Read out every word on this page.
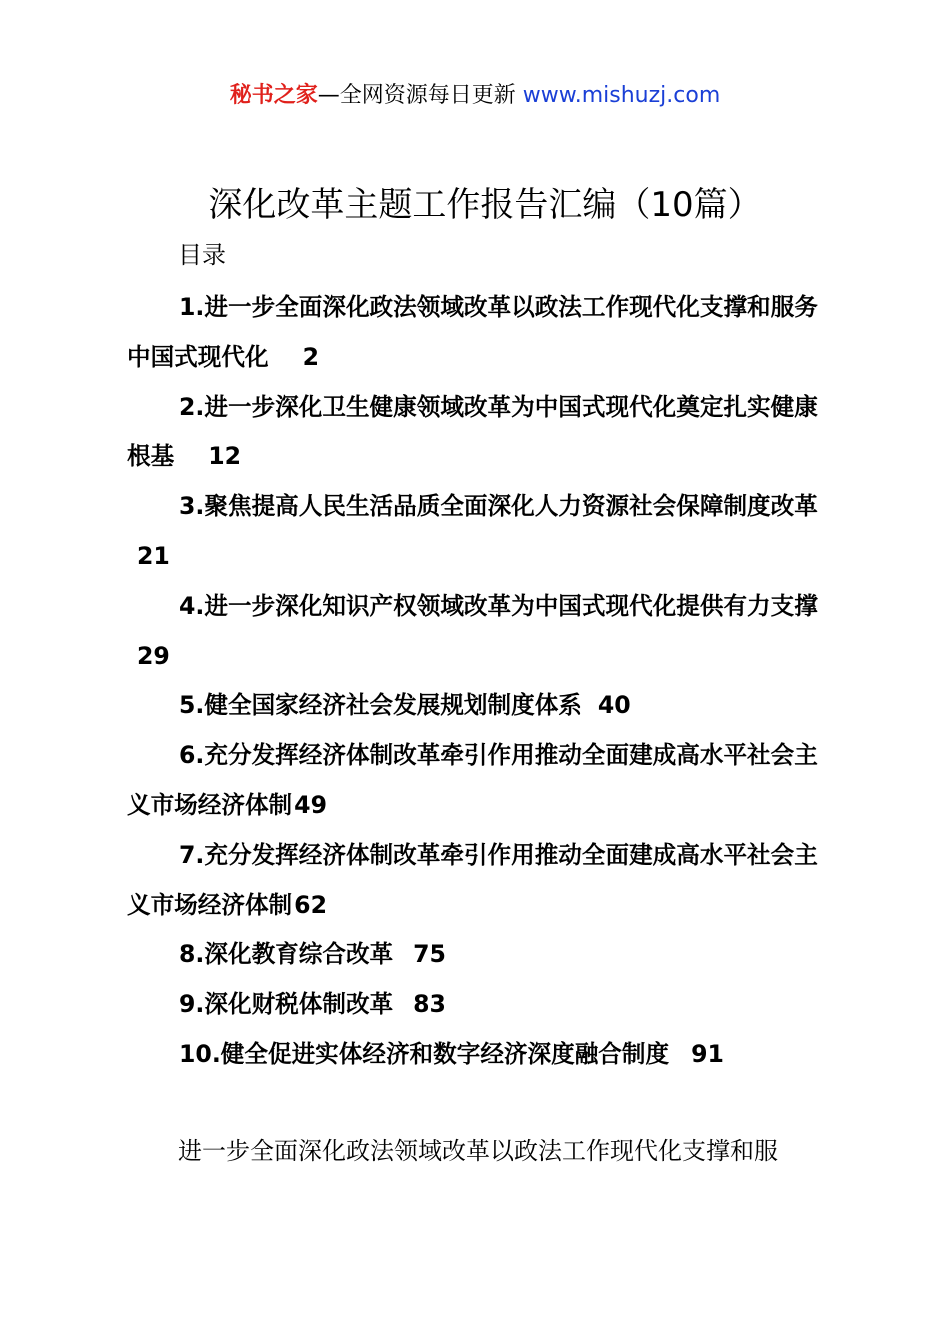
秘书之家—全网资源每日更新 www.mishuzj.com
深化改革主题工作报告汇编（10篇）
目录
1.进一步全面深化政法领域改革以政法工作现代化支撑和服务中国式现代化 2
2.进一步深化卫生健康领域改革为中国式现代化奠定扎实健康根基 12
3.聚焦提高人民生活品质全面深化人力资源社会保障制度改革21
4.进一步深化知识产权领域改革为中国式现代化提供有力支撑29
5.健全国家经济社会发展规划制度体系 40
6.充分发挥经济体制改革牵引作用推动全面建成高水平社会主义市场经济体制49
7.充分发挥经济体制改革牵引作用推动全面建成高水平社会主义市场经济体制62
8.深化教育综合改革 75
9.深化财税体制改革 83
10.健全促进实体经济和数字经济深度融合制度 91
进一步全面深化政法领域改革以政法工作现代化支撑和服
